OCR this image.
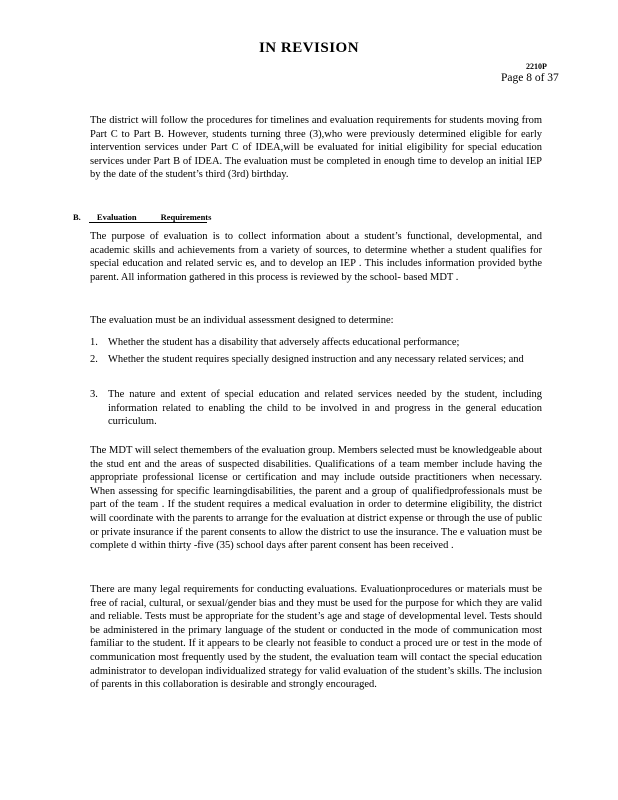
IN REVISION
2210P
Page 8 of 37

The district will follow the procedures for timelines and evaluation requirements for students moving from Part C to Part B. However, students turning three (3),who were previously determined eligible for early intervention services under Part C of IDEA,will be evaluated for initial eligibility for special education services under Part B of IDEA. The evaluation must be completed in enough time to develop an initial IEP by the date of the student’s third (3rd) birthday.

B. Evaluation	Requirements

The purpose of evaluation is to collect information about a student’s functional, developmental, and academic skills and achievements from a variety of sources, to determine whether a student qualifies for special education and related servic es, and to develop an IEP . This includes information provided bythe parent. All information gathered in this process is reviewed by the school- based MDT .

The evaluation must be an individual assessment designed to determine:

1. Whether the student has a disability that adversely affects educational performance;
2. Whether the student requires specially designed instruction and any necessary related services; and
3. The nature and extent of special education and related services needed by the student, including information related to enabling the child to be involved in and progress in the general education curriculum.

The MDT will select themembers of the evaluation group. Members selected must be knowledgeable about the stud ent and the areas of suspected disabilities. Qualifications of a team member include having the appropriate professional license or certification and may include outside practitioners when necessary. When assessing for specific learningdisabilities, the parent and a group of qualifiedprofessionals must be part of the team . If the student requires a medical evaluation in order to determine eligibility, the district will coordinate with the parents to arrange for the evaluation at district expense or through the use of public or private insurance if the parent consents to allow the district to use the insurance. The e valuation must be complete d within thirty -five (35) school days after parent consent has been received .

There are many legal requirements for conducting evaluations. Evaluationprocedures or materials must be free of racial, cultural, or sexual/gender bias and they must be used for the purpose for which they are valid and reliable. Tests must be appropriate for the student’s age and stage of developmental level. Tests should be administered in the primary language of the student or conducted in the mode of communication most familiar to the student. If it appears to be clearly not feasible to conduct a proced ure or test in the mode of communication most frequently used by the student, the evaluation team will contact the special education administrator to developan individualized strategy for valid evaluation of the student’s skills. The inclusion of parents in this collaboration is desirable and strongly encouraged.
